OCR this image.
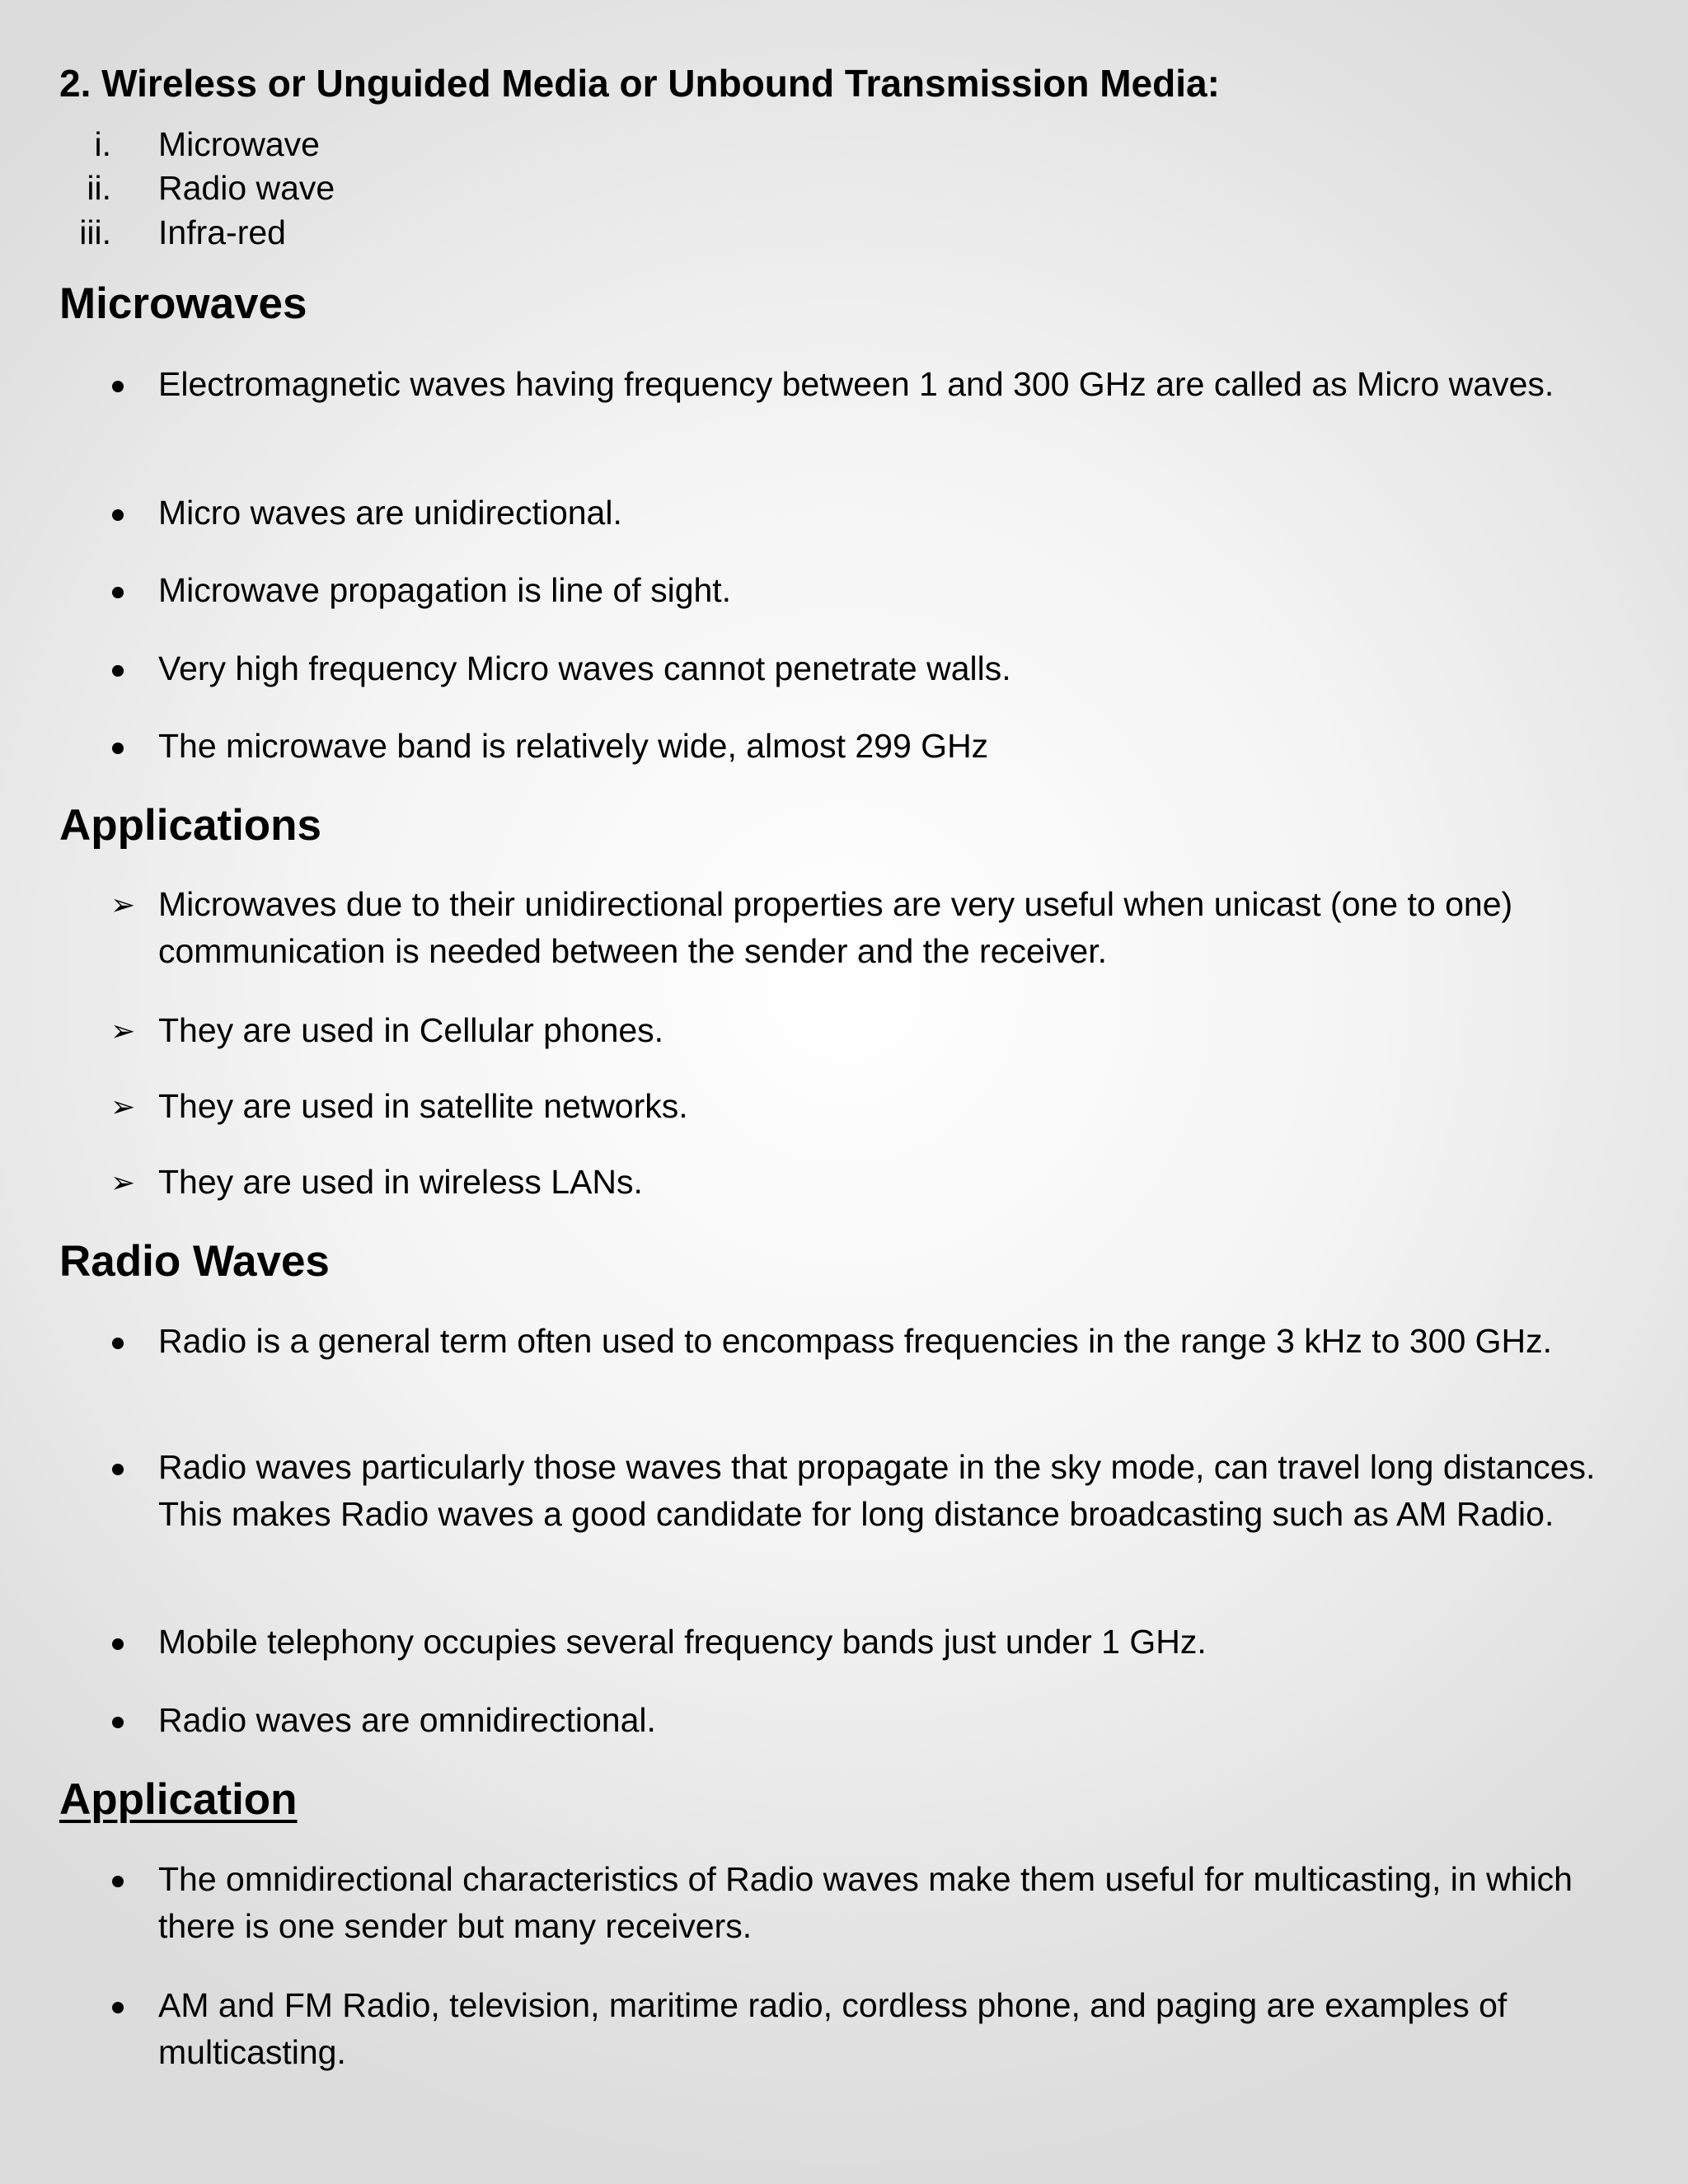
2. Wireless or Unguided Media or Unbound Transmission Media:
i. Microwave
ii. Radio wave
iii. Infra-red
Microwaves
Electromagnetic waves having frequency between 1 and 300 GHz are called as Micro waves.
Micro waves are unidirectional.
Microwave propagation is line of sight.
Very high frequency Micro waves cannot penetrate walls.
The microwave band is relatively wide, almost 299 GHz
Applications
➢ Microwaves due to their unidirectional properties are very useful when unicast (one to one) communication is needed between the sender and the receiver.
➢ They are used in Cellular phones.
➢ They are used in satellite networks.
➢ They are used in wireless LANs.
Radio Waves
Radio is a general term often used to encompass frequencies in the range 3 kHz to 300 GHz.
Radio waves particularly those waves that propagate in the sky mode, can travel long distances. This makes Radio waves a good candidate for long distance broadcasting such as AM Radio.
Mobile telephony occupies several frequency bands just under 1 GHz.
Radio waves are omnidirectional.
Application
The omnidirectional characteristics of Radio waves make them useful for multicasting, in which there is one sender but many receivers.
AM and FM Radio, television, maritime radio, cordless phone, and paging are examples of multicasting.
